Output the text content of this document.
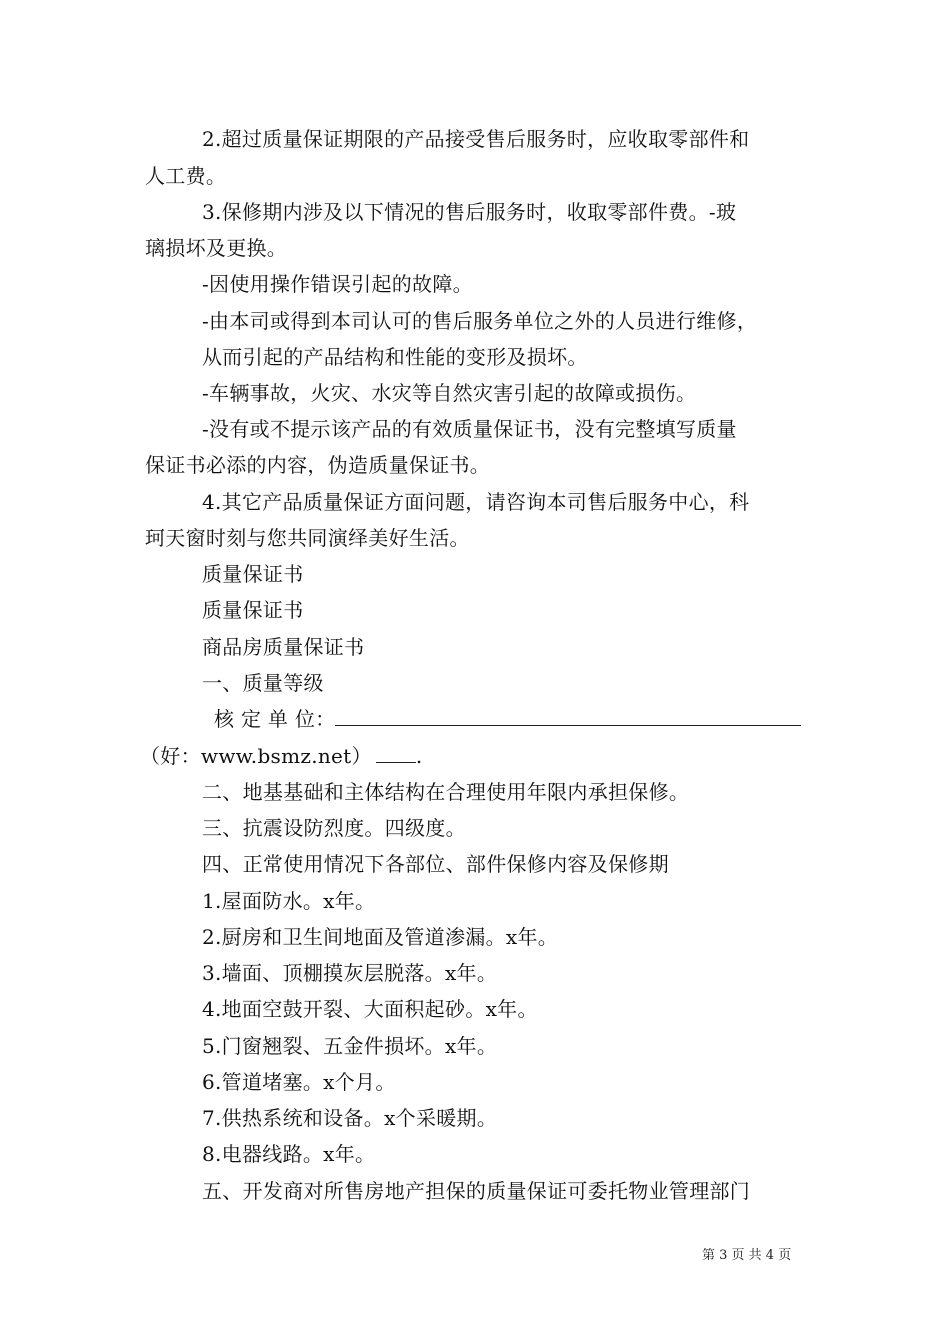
2.超过质量保证期限的产品接受售后服务时，应收取零部件和
人工费。
3.保修期内涉及以下情况的售后服务时，收取零部件费。-玻
璃损坏及更换。
-因使用操作错误引起的故障。
-由本司或得到本司认可的售后服务单位之外的人员进行维修，
从而引起的产品结构和性能的变形及损坏。
-车辆事故，火灾、水灾等自然灾害引起的故障或损伤。
-没有或不提示该产品的有效质量保证书，没有完整填写质量
保证书必添的内容，伪造质量保证书。
4.其它产品质量保证方面问题，请咨询本司售后服务中心，科
珂天窗时刻与您共同演绎美好生活。
质量保证书
质量保证书
商品房质量保证书
一、质量等级
核 定 单 位：
（好：www.bsmz.net） .
二、地基基础和主体结构在合理使用年限内承担保修。
三、抗震设防烈度。四级度。
四、正常使用情况下各部位、部件保修内容及保修期
1.屋面防水。x年。
2.厨房和卫生间地面及管道渗漏。x年。
3.墙面、顶棚摸灰层脱落。x年。
4.地面空鼓开裂、大面积起砂。x年。
5.门窗翘裂、五金件损坏。x年。
6.管道堵塞。x个月。
7.供热系统和设备。x个采暖期。
8.电器线路。x年。
五、开发商对所售房地产担保的质量保证可委托物业管理部门
第 3 页 共 4 页
